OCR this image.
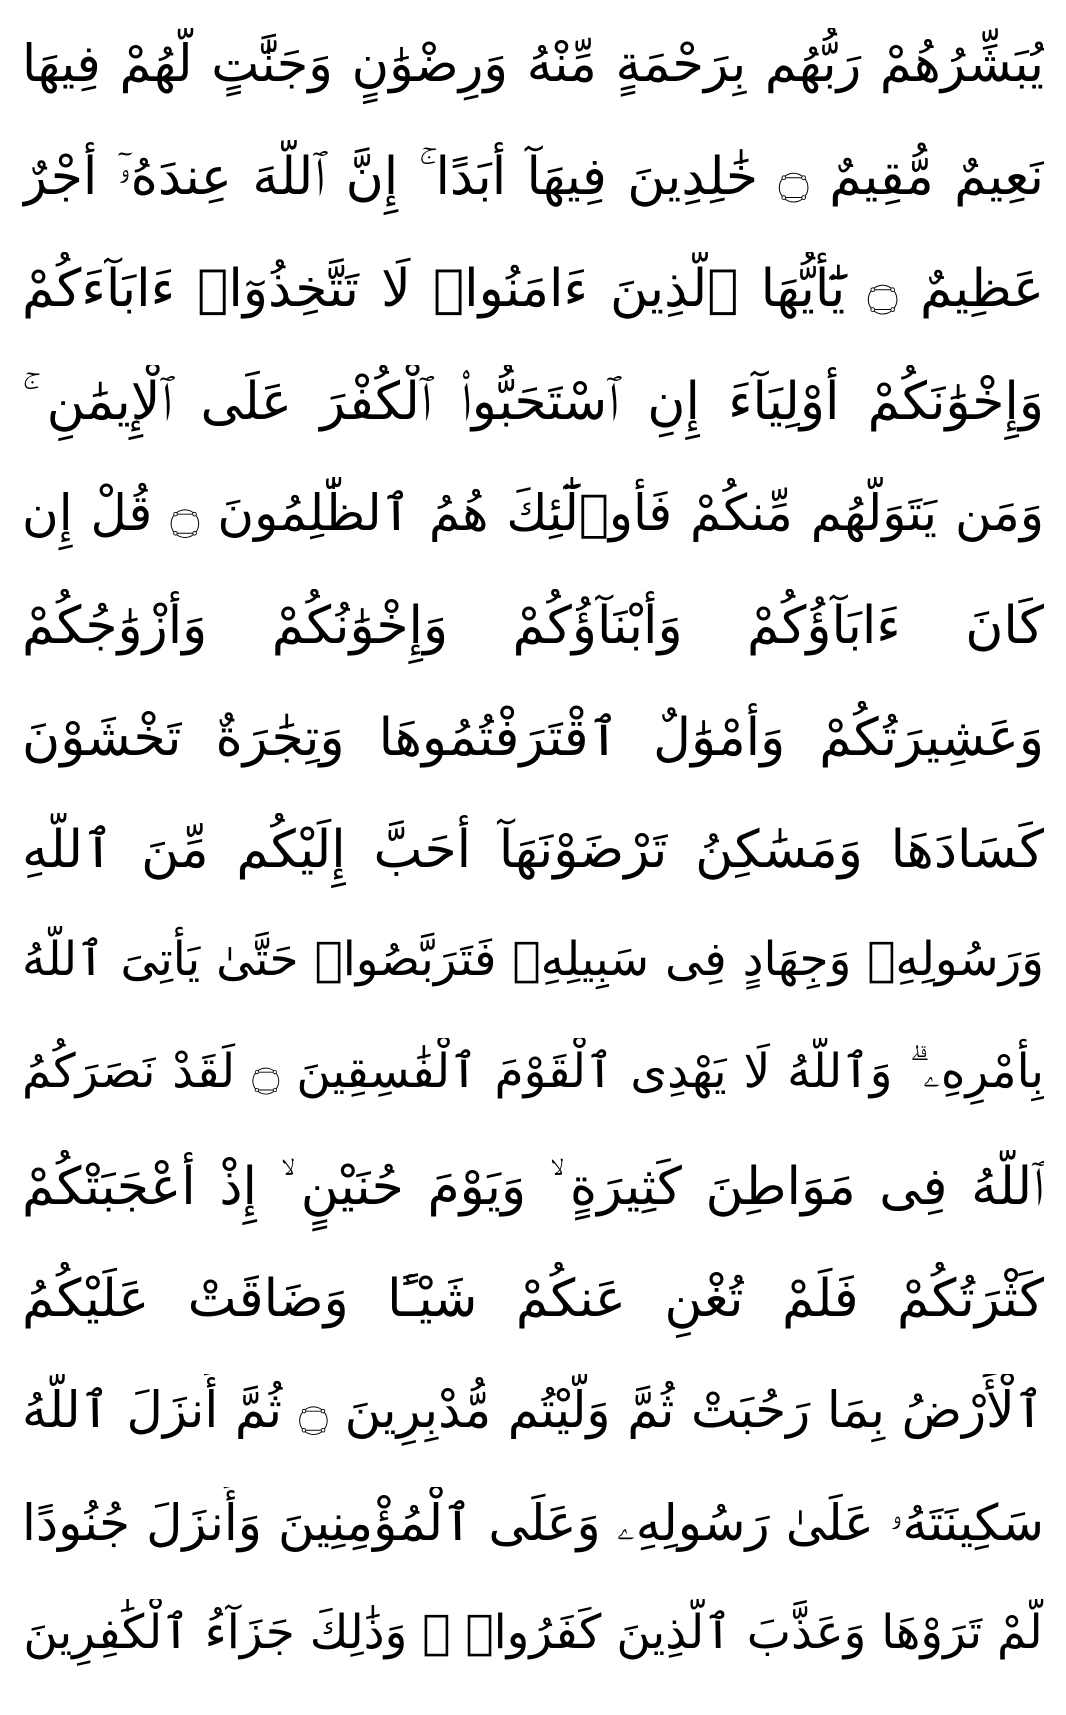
يُبَشِّرُهُمْ رَبُّهُم بِرَحْمَةٍ مِّنْهُ وَرِضْوَٰنٍ وَجَنَّٰتٍ لَّهُمْ فِيهَا
نَعِيمٌ مُّقِيمٌ ۝ خَٰلِدِينَ فِيهَآ أَبَدًا ۚ إِنَّ ٱللَّهَ عِندَهُۥٓ أَجْرٌ
عَظِيمٌ ۝ يَٰٓأَيُّهَا ٱلَّذِينَ ءَامَنُوا۟ لَا تَتَّخِذُوٓا۟ ءَابَآءَكُمْ
وَإِخْوَٰنَكُمْ أَوْلِيَآءَ إِنِ ٱسْتَحَبُّوا۟ ٱلْكُفْرَ عَلَى ٱلْإِيمَٰنِ ۚ
وَمَن يَتَوَلَّهُم مِّنكُمْ فَأُو۟لَٰٓئِكَ هُمُ ٱلظَّٰلِمُونَ ۝ قُلْ إِن
كَانَ ءَابَآؤُكُمْ وَأَبْنَآؤُكُمْ وَإِخْوَٰنُكُمْ وَأَزْوَٰجُكُمْ
وَعَشِيرَتُكُمْ وَأَمْوَٰلٌ ٱقْتَرَفْتُمُوهَا وَتِجَٰرَةٌ تَخْشَوْنَ
كَسَادَهَا وَمَسَٰكِنُ تَرْضَوْنَهَآ أَحَبَّ إِلَيْكُم مِّنَ ٱللَّهِ
وَرَسُولِهِۦ وَجِهَادٍ فِى سَبِيلِهِۦ فَتَرَبَّصُوا۟ حَتَّىٰ يَأْتِىَ ٱللَّهُ
بِأَمْرِهِۦ ۗ وَٱللَّهُ لَا يَهْدِى ٱلْقَوْمَ ٱلْفَٰسِقِينَ ۝ لَقَدْ نَصَرَكُمُ
ٱللَّهُ فِى مَوَاطِنَ كَثِيرَةٍ ۙ وَيَوْمَ حُنَيْنٍ ۙ إِذْ أَعْجَبَتْكُمْ
كَثْرَتُكُمْ فَلَمْ تُغْنِ عَنكُمْ شَيْـًٔا وَضَاقَتْ عَلَيْكُمُ
ٱلْأَرْضُ بِمَا رَحُبَتْ ثُمَّ وَلَّيْتُم مُّدْبِرِينَ ۝ ثُمَّ أَنزَلَ ٱللَّهُ
سَكِينَتَهُۥ عَلَىٰ رَسُولِهِۦ وَعَلَى ٱلْمُؤْمِنِينَ وَأَنزَلَ جُنُودًا
لَّمْ تَرَوْهَا وَعَذَّبَ ٱلَّذِينَ كَفَرُوا۟ ۚ وَذَٰلِكَ جَزَآءُ ٱلْكَٰفِرِينَ
